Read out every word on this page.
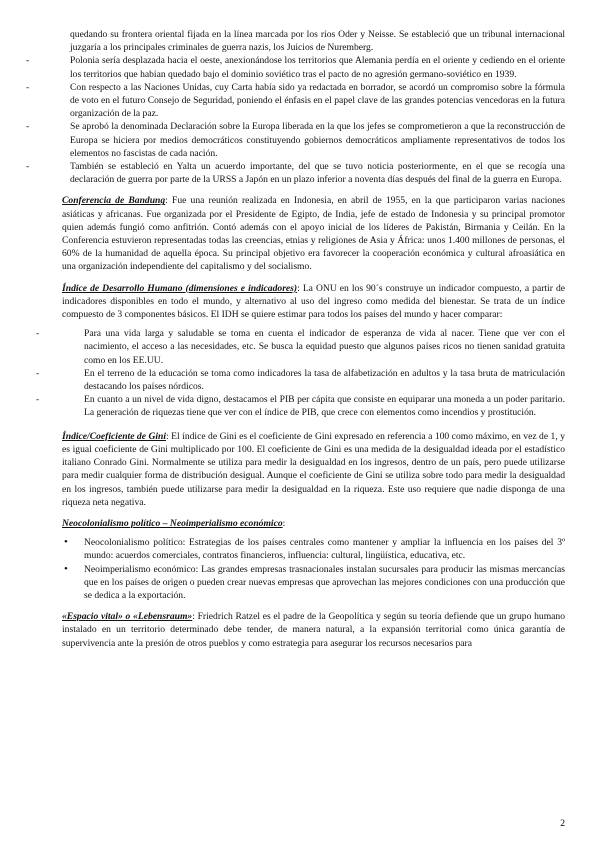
quedando su frontera oriental fijada en la línea marcada por los ríos Oder y Neisse. Se estableció que un tribunal internacional juzgaría a los principales criminales de guerra nazis, los Juicios de Nuremberg.

- Polonia sería desplazada hacia el oeste, anexionándose los territorios que Alemania perdía en el oriente y cediendo en el oriente los territorios que habían quedado bajo el dominio soviético tras el pacto de no agresión germano-soviético en 1939.
- Con respecto a las Naciones Unidas, cuy Carta había sido ya redactada en borrador, se acordó un compromiso sobre la fórmula de voto en el futuro Consejo de Seguridad, poniendo el énfasis en el papel clave de las grandes potencias vencedoras en la futura organización de la paz.
- Se aprobó la denominada Declaración sobre la Europa liberada en la que los jefes se comprometieron a que la reconstrucción de Europa se hiciera por medios democráticos constituyendo gobiernos democráticos ampliamente representativos de todos los elementos no fascistas de cada nación.
- También se estableció en Yalta un acuerdo importante, del que se tuvo noticia posteriormente, en el que se recogía una declaración de guerra por parte de la URSS a Japón en un plazo inferior a noventa días después del final de la guerra en Europa.

Conferencia de Bandung: Fue una reunión realizada en Indonesia, en abril de 1955, en la que participaron varias naciones asiáticas y africanas. Fue organizada por el Presidente de Egipto, de India, jefe de estado de Indonesia y su principal promotor quien además fungió como anfitrión. Contó además con el apoyo inicial de los líderes de Pakistán, Birmania y Ceilán. En la Conferencia estuvieron representadas todas las creencias, etnias y religiones de Asia y África: unos 1.400 millones de personas, el 60% de la humanidad de aquella época. Su principal objetivo era favorecer la cooperación económica y cultural afroasiática en una organización independiente del capitalismo y del socialismo.

Índice de Desarrollo Humano (dimensiones e indicadores): La ONU en los 90´s construye un indicador compuesto, a partir de indicadores disponibles en todo el mundo, y alternativo al uso del ingreso como medida del bienestar. Se trata de un índice compuesto de 3 componentes básicos. El IDH se quiere estimar para todos los países del mundo y hacer comparar:

- Para una vida larga y saludable se toma en cuenta el indicador de esperanza de vida al nacer. Tiene que ver con el nacimiento, el acceso a las necesidades, etc. Se busca la equidad puesto que algunos países ricos no tienen sanidad gratuita como en los EE.UU.
- En el terreno de la educación se toma como indicadores la tasa de alfabetización en adultos y la tasa bruta de matriculación destacando los países nórdicos.
- En cuanto a un nivel de vida digno, destacamos el PIB per cápita que consiste en equiparar una moneda a un poder paritario. La generación de riquezas tiene que ver con el índice de PIB, que crece con elementos como incendios y prostitución.

Índice/Coeficiente de Gini: El índice de Gini es el coeficiente de Gini expresado en referencia a 100 como máximo, en vez de 1, y es igual coeficiente de Gini multiplicado por 100. El coeficiente de Gini es una medida de la desigualdad ideada por el estadístico italiano Conrado Gini. Normalmente se utiliza para medir la desigualdad en los ingresos, dentro de un país, pero puede utilizarse para medir cualquier forma de distribución desigual. Aunque el coeficiente de Gini se utiliza sobre todo para medir la desigualdad en los ingresos, también puede utilizarse para medir la desigualdad en la riqueza. Este uso requiere que nadie disponga de una riqueza neta negativa.

Neocolonialismo político – Neoimperialismo económico:

• Neocolonialismo político: Estrategias de los países centrales como mantener y ampliar la influencia en los países del 3º mundo: acuerdos comerciales, contratos financieros, influencia: cultural, lingüística, educativa, etc.
• Neoimperialismo económico: Las grandes empresas trasnacionales instalan sucursales para producir las mismas mercancías que en los países de origen o pueden crear nuevas empresas que aprovechan las mejores condiciones con una producción que se dedica a la exportación.

«Espacio vital» o «Lebensraum»: Friedrich Ratzel es el padre de la Geopolítica y según su teoría defiende que un grupo humano instalado en un territorio determinado debe tender, de manera natural, a la expansión territorial como única garantía de supervivencia ante la presión de otros pueblos y como estrategia para asegurar los recursos necesarios para

2
